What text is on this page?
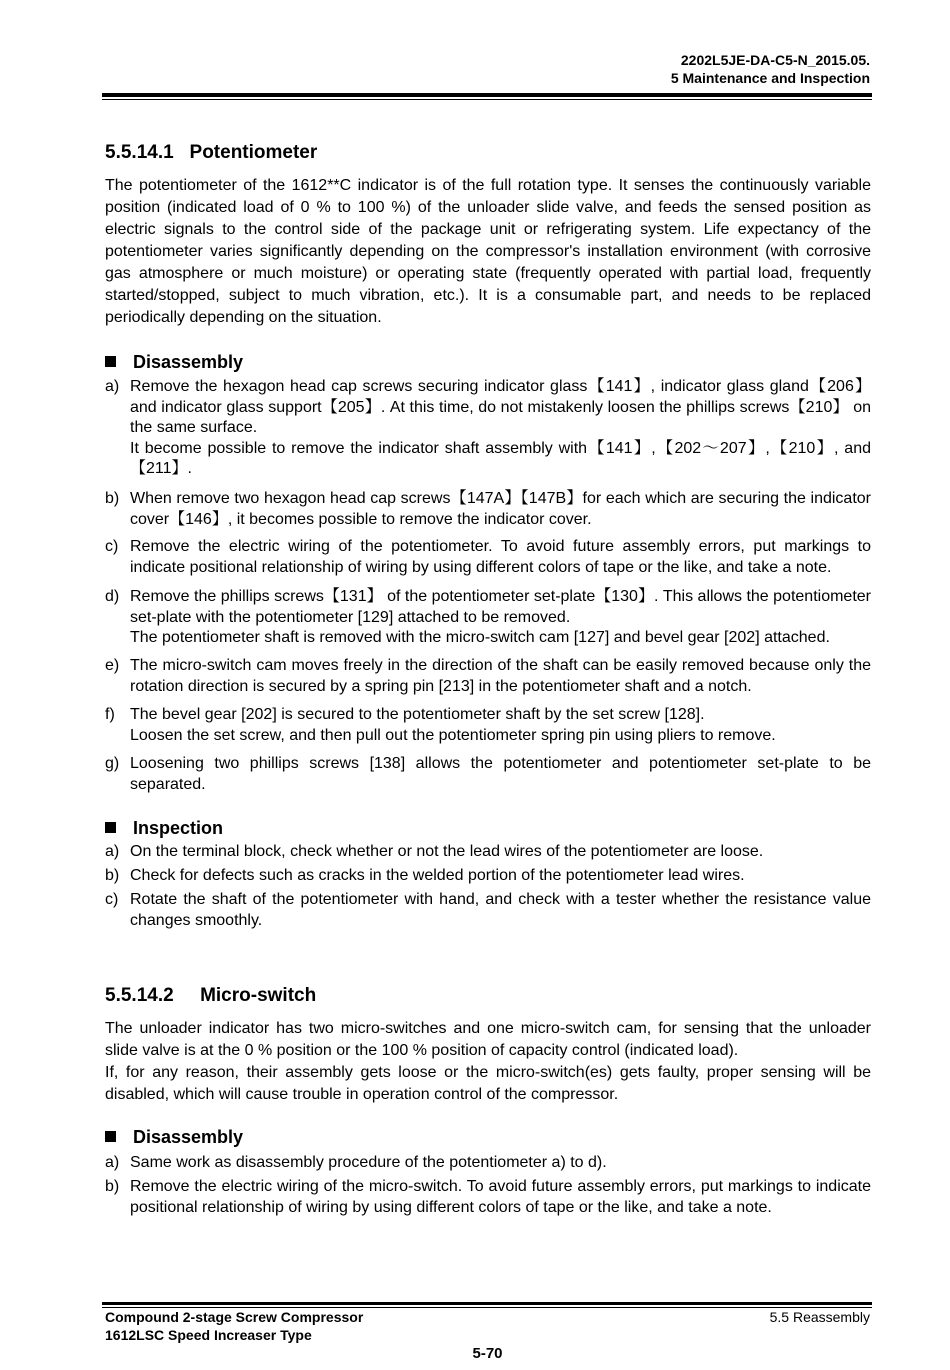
2202L5JE-DA-C5-N_2015.05.
5 Maintenance and Inspection
5.5.14.1 Potentiometer

The potentiometer of the 1612**C indicator is of the full rotation type. It senses the continuously variable position (indicated load of 0 % to 100 %) of the unloader slide valve, and feeds the sensed position as electric signals to the control side of the package unit or refrigerating system. Life expectancy of the potentiometer varies significantly depending on the compressor's installation environment (with corrosive gas atmosphere or much moisture) or operating state (frequently operated with partial load, frequently started/stopped, subject to much vibration, etc.). It is a consumable part, and needs to be replaced periodically depending on the situation.

Disassembly
a) Remove the hexagon head cap screws securing indicator glass【141】, indicator glass gland【206】 and indicator glass support【205】. At this time, do not mistakenly loosen the phillips screws【210】 on the same surface.
It become possible to remove the indicator shaft assembly with【141】,【202～207】,【210】, and【211】.
b) When remove two hexagon head cap screws【147A】【147B】for each which are securing the indicator cover【146】, it becomes possible to remove the indicator cover.
c) Remove the electric wiring of the potentiometer. To avoid future assembly errors, put markings to indicate positional relationship of wiring by using different colors of tape or the like, and take a note.
d) Remove the phillips screws【131】 of the potentiometer set-plate【130】. This allows the potentiometer set-plate with the potentiometer [129] attached to be removed.
The potentiometer shaft is removed with the micro-switch cam [127] and bevel gear [202] attached.
e) The micro-switch cam moves freely in the direction of the shaft can be easily removed because only the rotation direction is secured by a spring pin [213] in the potentiometer shaft and a notch.
f) The bevel gear [202] is secured to the potentiometer shaft by the set screw [128].
Loosen the set screw, and then pull out the potentiometer spring pin using pliers to remove.
g) Loosening two phillips screws [138] allows the potentiometer and potentiometer set-plate to be separated.
Inspection
a) On the terminal block, check whether or not the lead wires of the potentiometer are loose.
b) Check for defects such as cracks in the welded portion of the potentiometer lead wires.
c) Rotate the shaft of the potentiometer with hand, and check with a tester whether the resistance value changes smoothly.
5.5.14.2 Micro-switch

The unloader indicator has two micro-switches and one micro-switch cam, for sensing that the unloader slide valve is at the 0 % position or the 100 % position of capacity control (indicated load).

If, for any reason, their assembly gets loose or the micro-switch(es) gets faulty, proper sensing will be disabled, which will cause trouble in operation control of the compressor.

Disassembly
a) Same work as disassembly procedure of the potentiometer a) to d).
b) Remove the electric wiring of the micro-switch. To avoid future assembly errors, put markings to indicate positional relationship of wiring by using different colors of tape or the like, and take a note.
Compound 2-stage Screw Compressor
1612LSC Speed Increaser Type
5.5 Reassembly
5-70
